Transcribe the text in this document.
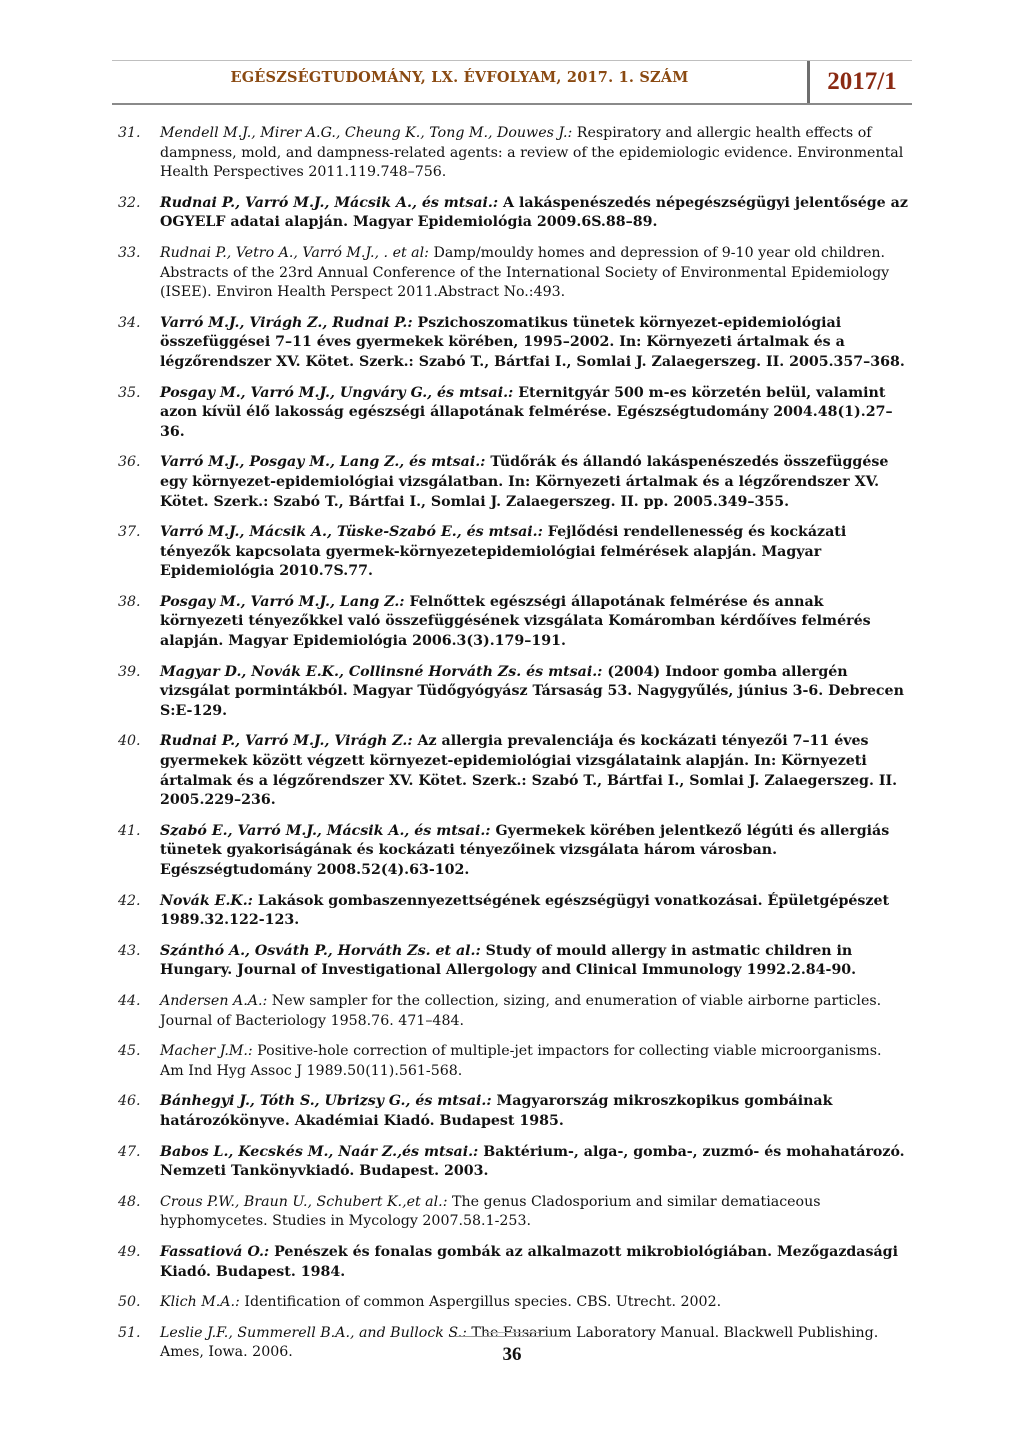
EGÉSZSÉGTUDOMÁNY, LX. ÉVFOLYAM, 2017. 1. SZÁM	2017/1
31. Mendell M.J., Mirer A.G., Cheung K., Tong M., Douwes J.: Respiratory and allergic health effects of dampness, mold, and dampness-related agents: a review of the epidemiologic evidence. Environmental Health Perspectives 2011.119.748–756.
32. Rudnai P., Varró M.J., Mácsik A., és mtsai.: A lakáspenészedés népegészségügyi jelentősége az OGYELF adatai alapján. Magyar Epidemiológia 2009.6S.88–89.
33. Rudnai P., Vetro A., Varró M.J., . et al: Damp/mouldy homes and depression of 9-10 year old children. Abstracts of the 23rd Annual Conference of the International Society of Environmental Epidemiology (ISEE). Environ Health Perspect 2011.Abstract No.:493.
34. Varró M.J., Virágh Z., Rudnai P.: Pszichoszomatikus tünetek környezet-epidemiológiai összefüggései 7–11 éves gyermekek körében, 1995–2002. In: Környezeti ártalmak és a légzőrendszer XV. Kötet. Szerk.: Szabó T., Bártfai I., Somlai J. Zalaegerszeg. II. 2005.357–368.
35. Posgay M., Varró M.J., Ungváry G., és mtsai.: Eternitgyár 500 m-es körzetén belül, valamint azon kívül élő lakosság egészségi állapotának felmérése. Egészségtudomány 2004.48(1).27–36.
36. Varró M.J., Posgay M., Lang Z., és mtsai.: Tüdőrák és állandó lakáspenészedés összefüggése egy környezet-epidemiológiai vizsgálatban. In: Környezeti ártalmak és a légzőrendszer XV. Kötet. Szerk.: Szabó T., Bártfai I., Somlai J. Zalaegerszeg. II. pp. 2005.349–355.
37. Varró M.J., Mácsik A., Tüske-Szabó E., és mtsai.: Fejlődési rendellenesség és kockázati tényezők kapcsolata gyermek-környezetepidemiológiai felmérések alapján. Magyar Epidemiológia 2010.7S.77.
38. Posgay M., Varró M.J., Lang Z.: Felnőttek egészségi állapotának felmérése és annak környezeti tényezőkkel való összefüggésének vizsgálata Komáromban kérdőíves felmérés alapján. Magyar Epidemiológia 2006.3(3).179–191.
39. Magyar D., Novák E.K., Collinsné Horváth Zs. és mtsai.: (2004) Indoor gomba allergén vizsgálat pormintákból. Magyar Tüdőgyógyász Társaság 53. Nagygyűlés, június 3-6. Debrecen S:E-129.
40. Rudnai P., Varró M.J., Virágh Z.: Az allergia prevalenciája és kockázati tényezői 7–11 éves gyermekek között végzett környezet-epidemiológiai vizsgálataink alapján. In: Környezeti ártalmak és a légzőrendszer XV. Kötet. Szerk.: Szabó T., Bártfai I., Somlai J. Zalaegerszeg. II. 2005.229–236.
41. Szabó E., Varró M.J., Mácsik A., és mtsai.: Gyermekek körében jelentkező légúti és allergiás tünetek gyakoriságának és kockázati tényezőinek vizsgálata három városban. Egészségtudomány 2008.52(4).63-102.
42. Novák E.K.: Lakások gombaszennyezettségének egészségügyi vonatkozásai. Épületgépészet 1989.32.122-123.
43. Szánthó A., Osváth P., Horváth Zs. et al.: Study of mould allergy in astmatic children in Hungary. Journal of Investigational Allergology and Clinical Immunology 1992.2.84-90.
44. Andersen A.A.: New sampler for the collection, sizing, and enumeration of viable airborne particles. Journal of Bacteriology 1958.76. 471–484.
45. Macher J.M.: Positive-hole correction of multiple-jet impactors for collecting viable microorganisms. Am Ind Hyg Assoc J 1989.50(11).561-568.
46. Bánhegyi J., Tóth S., Ubrizsy G., és mtsai.: Magyarország mikroszkopikus gombáinak határozókönyve. Akadémiai Kiadó. Budapest 1985.
47. Babos L., Kecskés M., Naár Z.,és mtsai.: Baktérium-, alga-, gomba-, zuzmó- és mohahatározó. Nemzeti Tankönyvkiadó. Budapest. 2003.
48. Crous P.W., Braun U., Schubert K.,et al.: The genus Cladosporium and similar dematiaceous hyphomycetes. Studies in Mycology 2007.58.1-253.
49. Fassatiová O.: Penészek és fonalas gombák az alkalmazott mikrobiológiában. Mezőgazdasági Kiadó. Budapest. 1984.
50. Klich M.A.: Identification of common Aspergillus species. CBS. Utrecht. 2002.
51. Leslie J.F., Summerell B.A., and Bullock S.: The Fusarium Laboratory Manual. Blackwell Publishing. Ames, Iowa. 2006.	36
